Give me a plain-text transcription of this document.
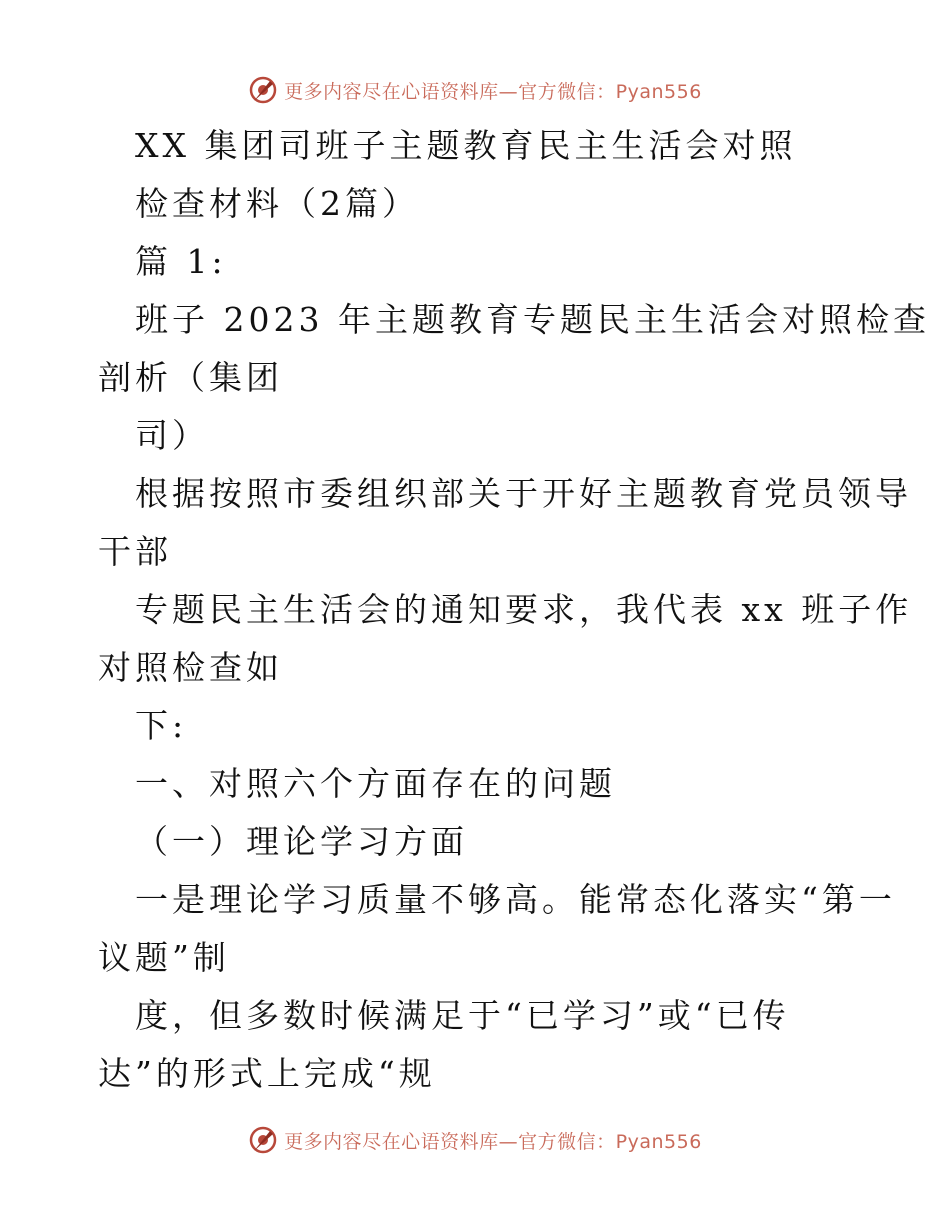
更多内容尽在心语资料库—官方微信：Pyan556
XX 集团司班子主题教育民主生活会对照
检查材料（2篇）
篇 1:
班子 2023 年主题教育专题民主生活会对照检查
剖析（集团
司）
根据按照市委组织部关于开好主题教育党员领导
干部
专题民主生活会的通知要求，我代表 xx 班子作
对照检查如
下:
一、对照六个方面存在的问题
（一）理论学习方面
一是理论学习质量不够高。能常态化落实“第一
议题”制
度，但多数时候满足于“已学习”或“已传
达”的形式上完成“规
更多内容尽在心语资料库—官方微信：Pyan556
